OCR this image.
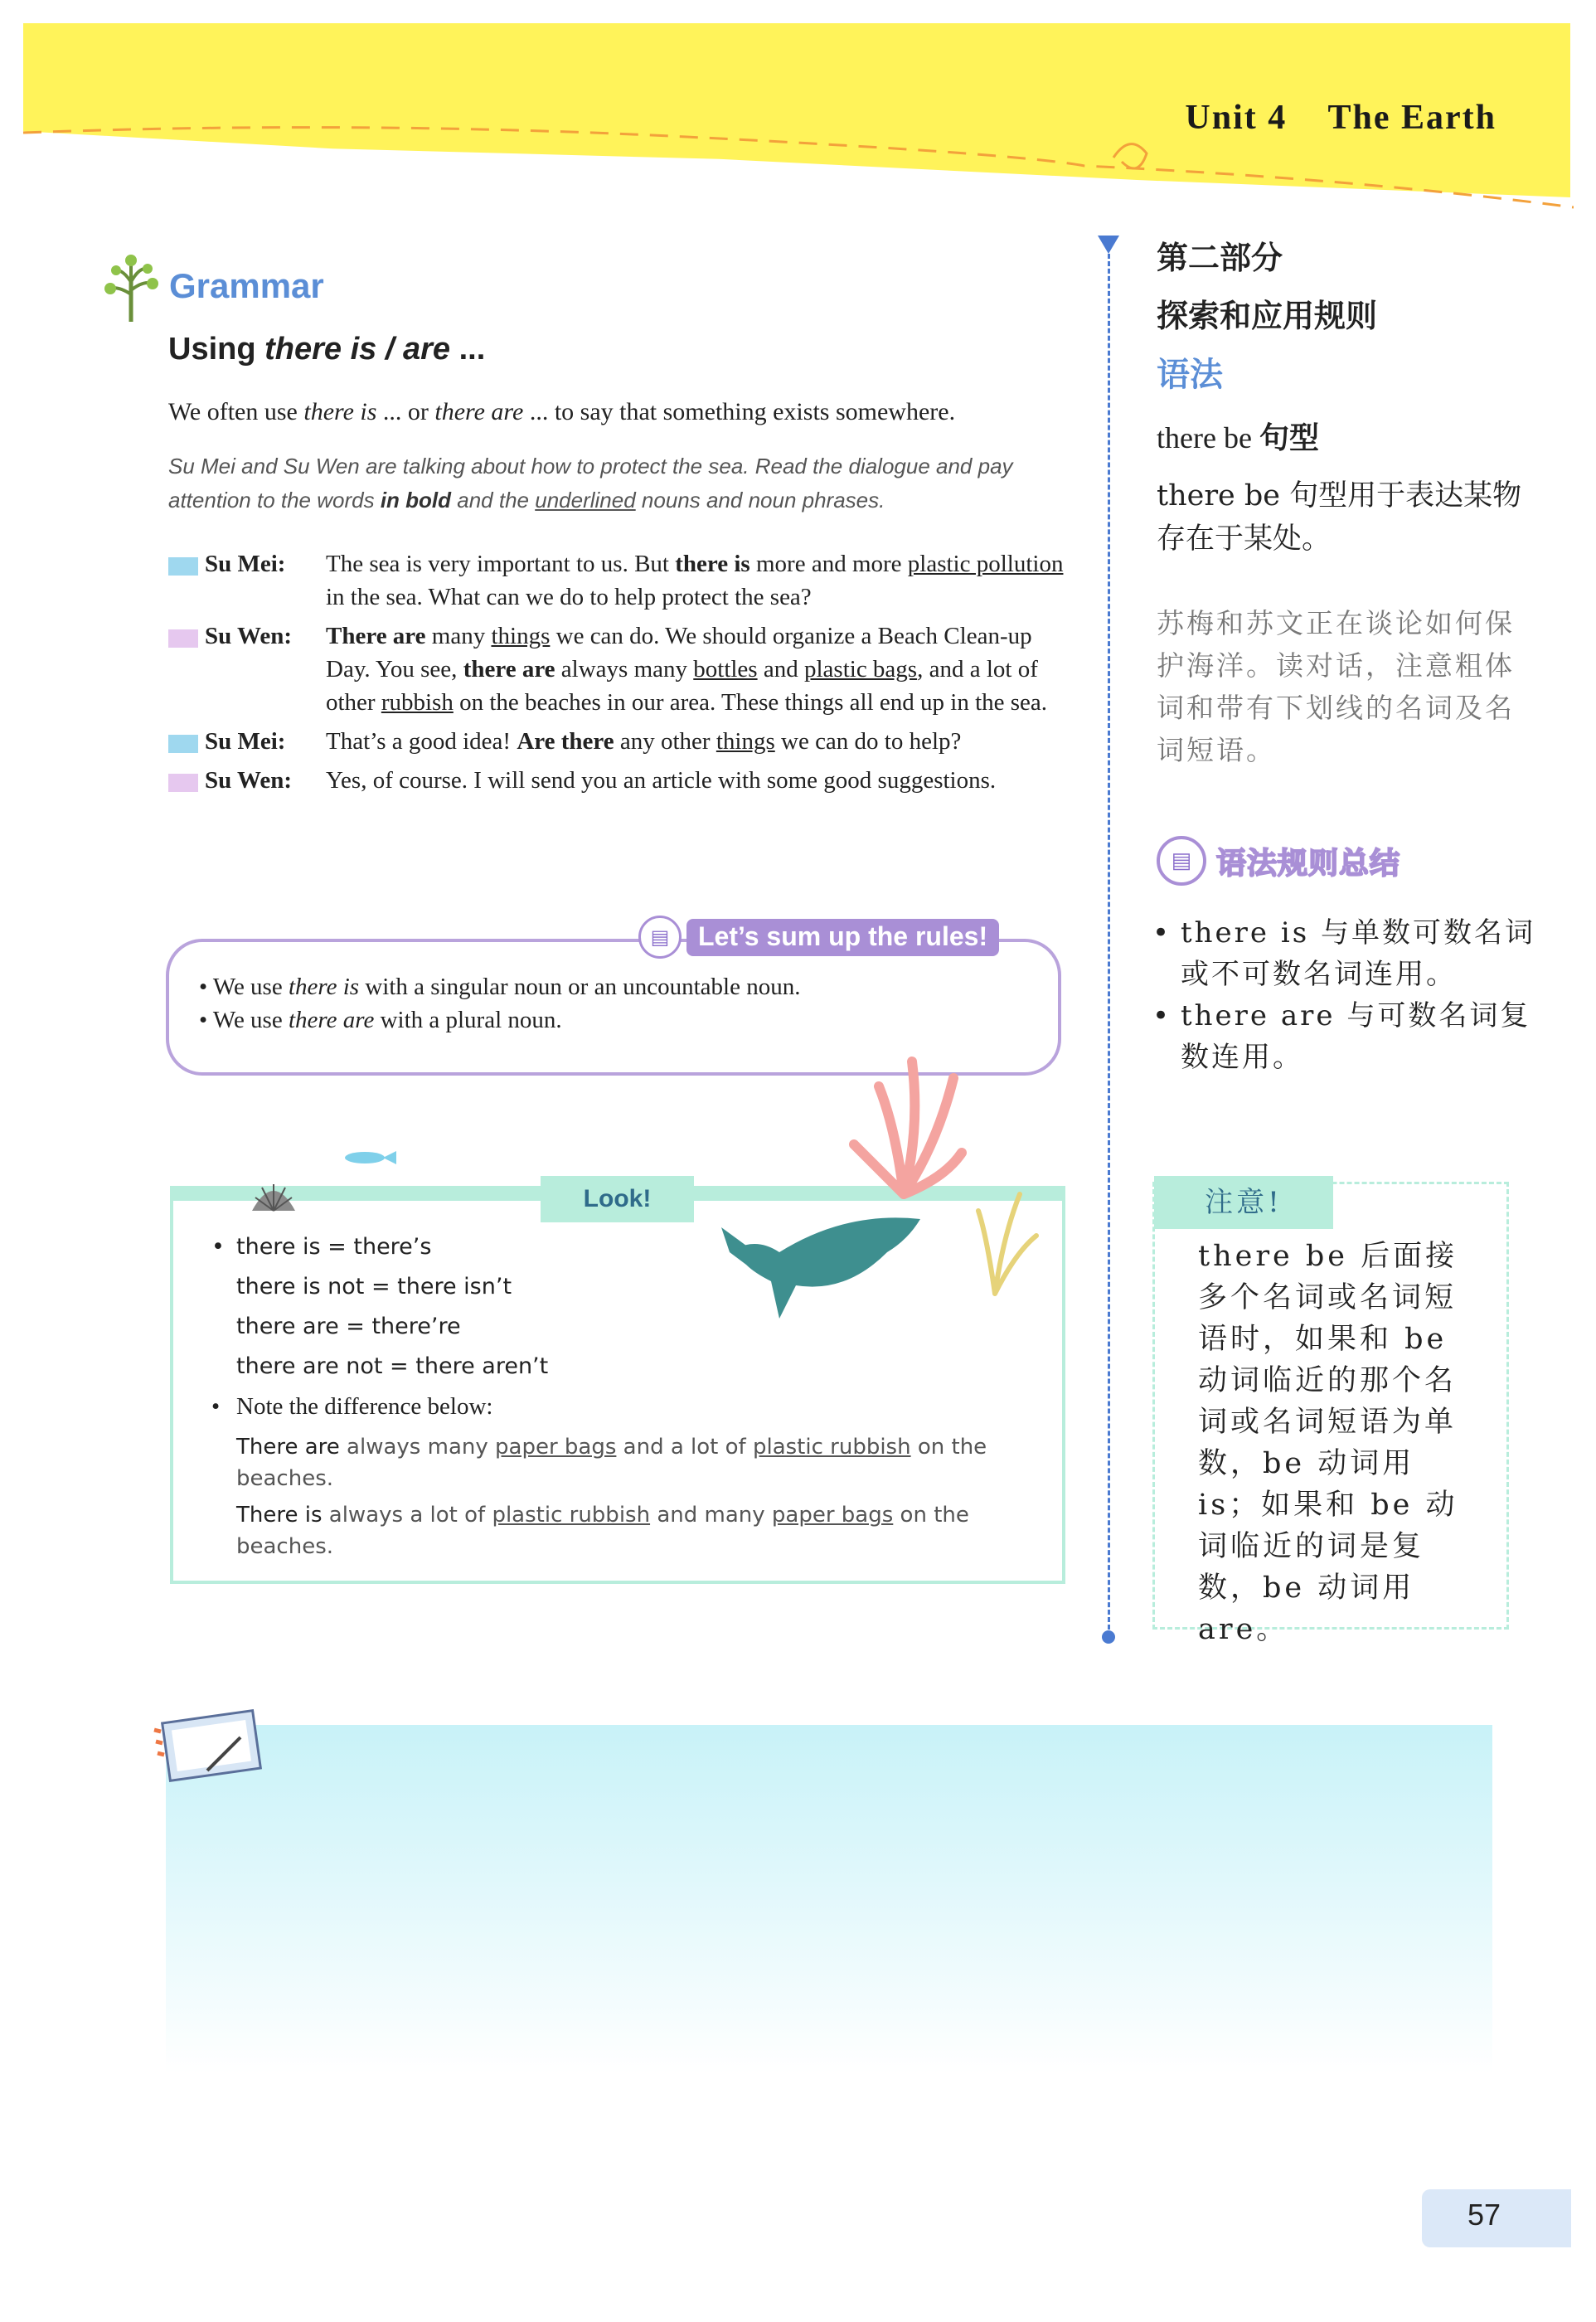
Unit 4    The Earth
Grammar
Using there is / are ...
We often use there is ... or there are ... to say that something exists somewhere.
Su Mei and Su Wen are talking about how to protect the sea. Read the dialogue and pay attention to the words in bold and the underlined nouns and noun phrases.
Su Mei:	The sea is very important to us. But there is more and more plastic pollution in the sea. What can we do to help protect the sea?
Su Wen:	There are many things we can do. We should organize a Beach Clean-up Day. You see, there are always many bottles and plastic bags, and a lot of other rubbish on the beaches in our area. These things all end up in the sea.
Su Mei:	That’s a good idea! Are there any other things we can do to help?
Su Wen:	Yes, of course. I will send you an article with some good suggestions.
▤	Let’s sum up the rules!
• We use there is with a singular noun or an uncountable noun.
• We use there are with a plural noun.
Look!
• there is = there’s
there is not = there isn’t
there are = there’re
there are not = there aren’t
• Note the difference below:
There are always many paper bags and a lot of plastic rubbish on the beaches.
There is always a lot of plastic rubbish and many paper bags on the beaches.
第二部分
探索和应用规则
语法
there be 句型
there be 句型用于表达某物存在于某处。
苏梅和苏文正在谈论如何保护海洋。读对话，注意粗体词和带有下划线的名词及名词短语。
▤ 语法规则总结
• there is 与单数可数名词或不可数名词连用。
• there are 与可数名词复数连用。
注意!
there be 后面接多个名词或名词短语时，如果和 be 动词临近的那个名词或名词短语为单数，be 动词用 is；如果和 be 动词临近的词是复数，be 动词用 are。
57
